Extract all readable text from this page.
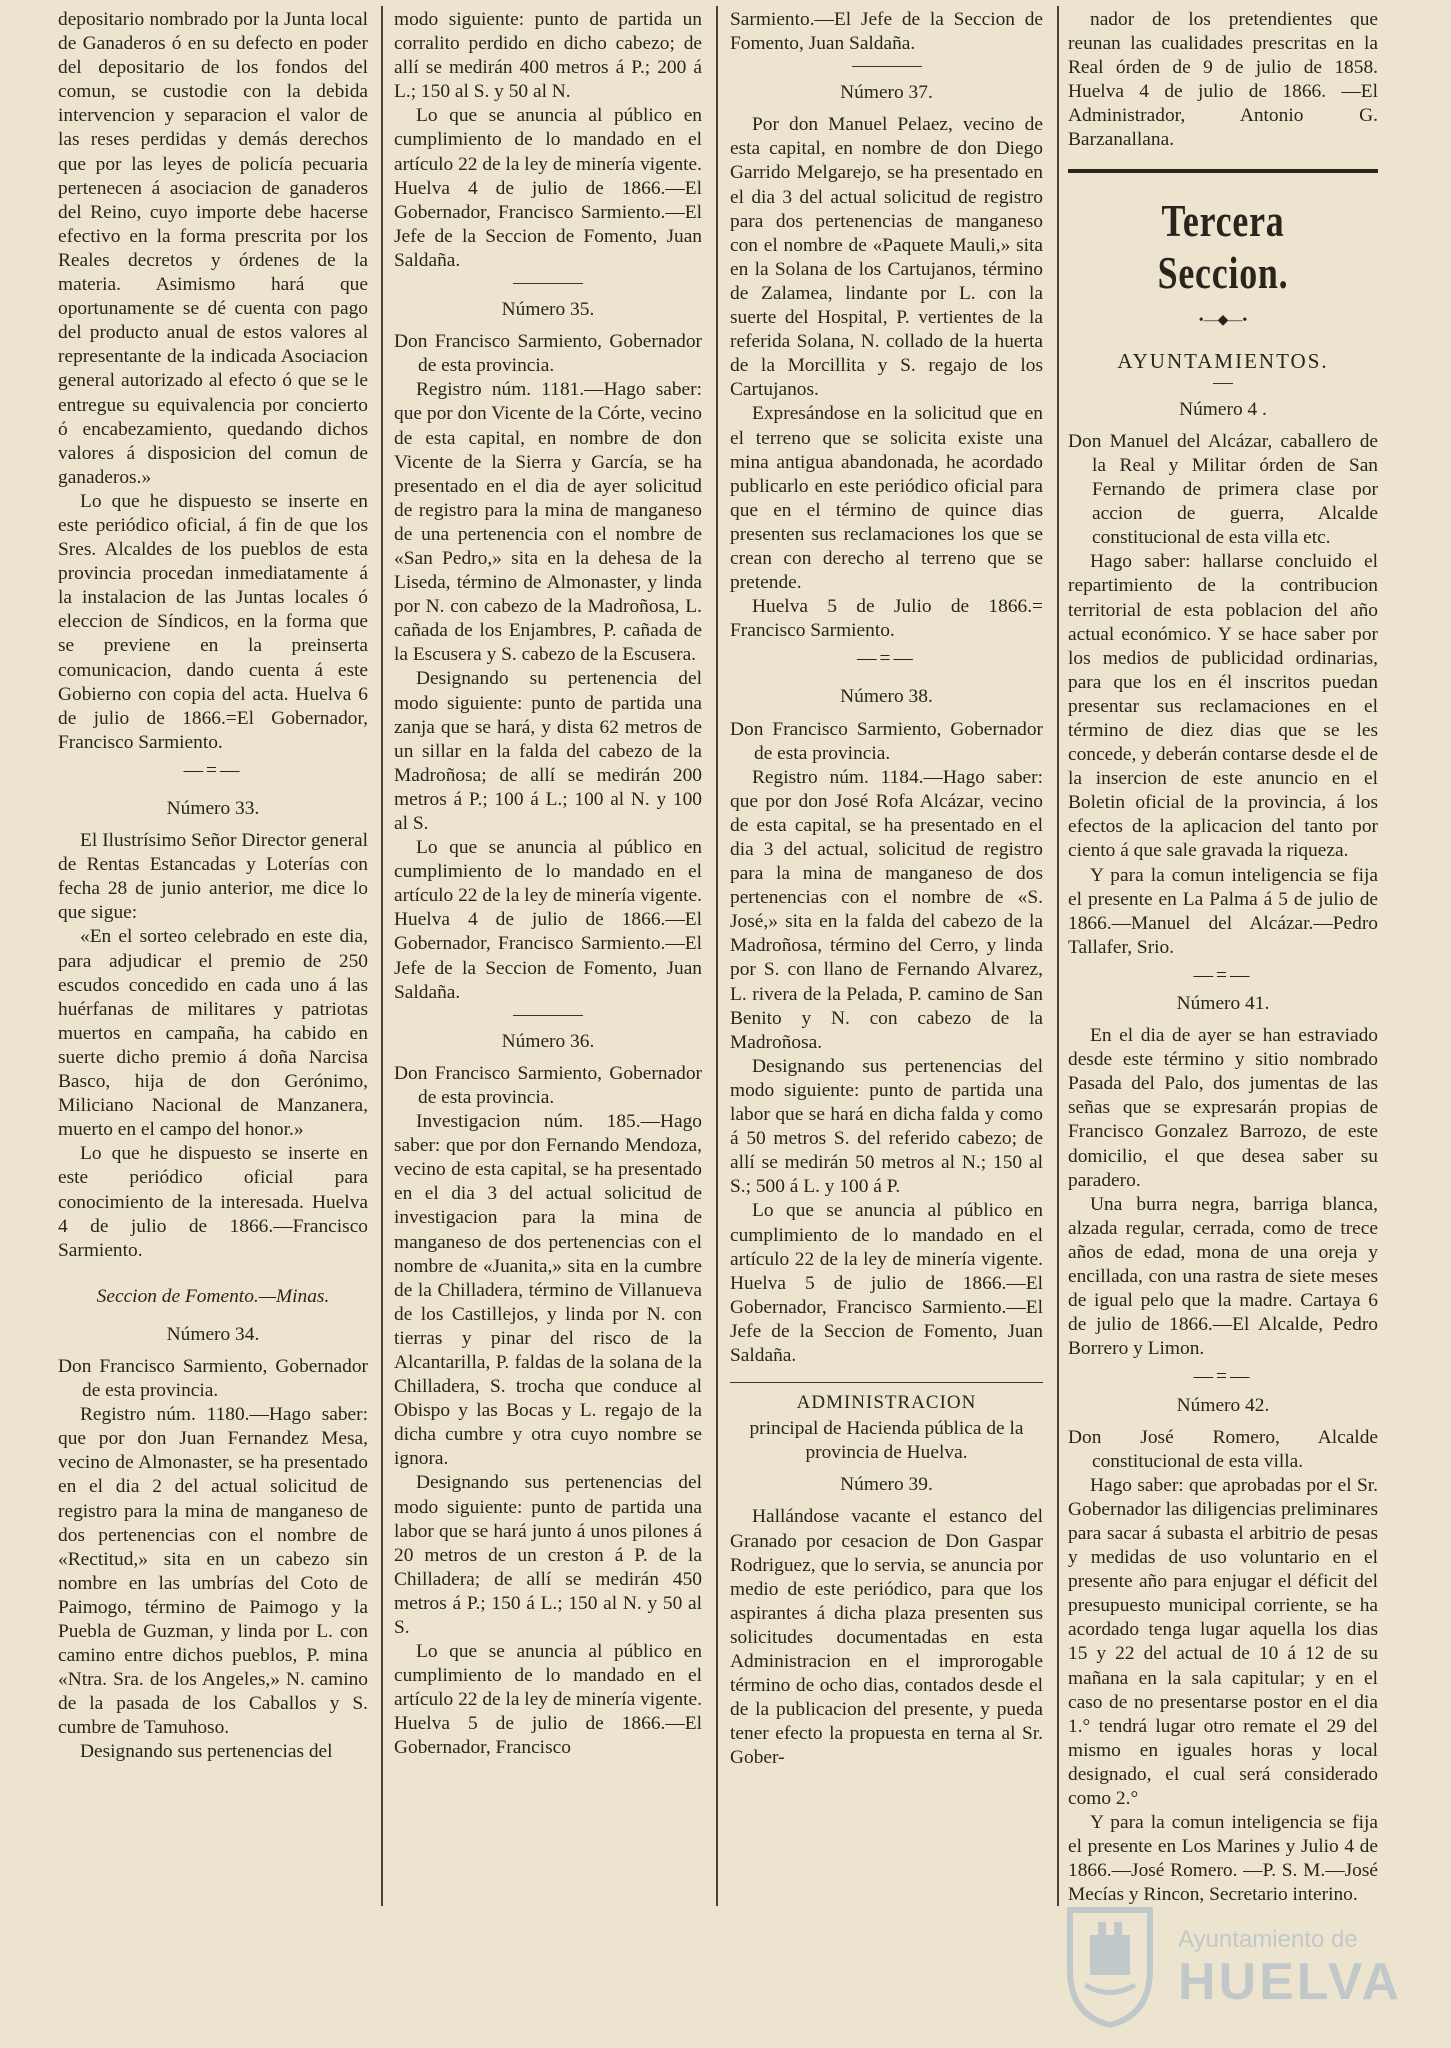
depositario nombrado por la Junta local de Ganaderos ó en su defecto en poder del depositario de los fondos del comun, se custodie con la debida intervencion y separacion el valor de las reses perdidas y demás derechos que por las leyes de policía pecuaria pertenecen á asociacion de ganaderos del Reino, cuyo importe debe hacerse efectivo en la forma prescrita por los Reales decretos y órdenes de la materia. Asimismo hará que oportunamente se dé cuenta con pago del producto anual de estos valores al representante de la indicada Asociacion general autorizado al efecto ó que se le entregue su equivalencia por concierto ó encabezamiento, quedando dichos valores á disposicion del comun de ganaderos.»

Lo que he dispuesto se inserte en este periódico oficial, á fin de que los Sres. Alcaldes de los pueblos de esta provincia procedan inmediatamente á la instalacion de las Juntas locales ó eleccion de Síndicos, en la forma que se previene en la preinserta comunicacion, dando cuenta á este Gobierno con copia del acta. Huelva 6 de julio de 1866.=El Gobernador, Francisco Sarmiento.

—=—
Número 33.

El Ilustrísimo Señor Director general de Rentas Estancadas y Loterías con fecha 28 de junio anterior, me dice lo que sigue:

«En el sorteo celebrado en este dia, para adjudicar el premio de 250 escudos concedido en cada uno á las huérfanas de militares y patriotas muertos en campaña, ha cabido en suerte dicho premio á doña Narcisa Basco, hija de don Gerónimo, Miliciano Nacional de Manzanera, muerto en el campo del honor.»

Lo que he dispuesto se inserte en este periódico oficial para conocimiento de la interesada. Huelva 4 de julio de 1866.—Francisco Sarmiento.

Seccion de Fomento.—Minas.
Número 34.

Don Francisco Sarmiento, Gobernador de esta provincia.

Registro núm. 1180.—Hago saber: que por don Juan Fernandez Mesa, vecino de Almonaster, se ha presentado en el dia 2 del actual solicitud de registro para la mina de manganeso de dos pertenencias con el nombre de «Rectitud,» sita en un cabezo sin nombre en las umbrías del Coto de Paimogo, término de Paimogo y la Puebla de Guzman, y linda por L. con camino entre dichos pueblos, P. mina «Ntra. Sra. de los Angeles,» N. camino de la pasada de los Caballos y S. cumbre de Tamuhoso.

Designando sus pertenencias del

modo siguiente: punto de partida un corralito perdido en dicho cabezo; de allí se medirán 400 metros á P.; 200 á L.; 150 al S. y 50 al N.

Lo que se anuncia al público en cumplimiento de lo mandado en el artículo 22 de la ley de minería vigente. Huelva 4 de julio de 1866.—El Gobernador, Francisco Sarmiento.—El Jefe de la Seccion de Fomento, Juan Saldaña.

Número 35.

Don Francisco Sarmiento, Gobernador de esta provincia.

Registro núm. 1181.—Hago saber: que por don Vicente de la Córte, vecino de esta capital, en nombre de don Vicente de la Sierra y García, se ha presentado en el dia de ayer solicitud de registro para la mina de manganeso de una pertenencia con el nombre de «San Pedro,» sita en la dehesa de la Liseda, término de Almonaster, y linda por N. con cabezo de la Madroñosa, L. cañada de los Enjambres, P. cañada de la Escusera y S. cabezo de la Escusera.

Designando su pertenencia del modo siguiente: punto de partida una zanja que se hará, y dista 62 metros de un sillar en la falda del cabezo de la Madroñosa; de allí se medirán 200 metros á P.; 100 á L.; 100 al N. y 100 al S.

Lo que se anuncia al público en cumplimiento de lo mandado en el artículo 22 de la ley de minería vigente. Huelva 4 de julio de 1866.—El Gobernador, Francisco Sarmiento.—El Jefe de la Seccion de Fomento, Juan Saldaña.

Número 36.

Don Francisco Sarmiento, Gobernador de esta provincia.

Investigacion núm. 185.—Hago saber: que por don Fernando Mendoza, vecino de esta capital, se ha presentado en el dia 3 del actual solicitud de investigacion para la mina de manganeso de dos pertenencias con el nombre de «Juanita,» sita en la cumbre de la Chilladera, término de Villanueva de los Castillejos, y linda por N. con tierras y pinar del risco de la Alcantarilla, P. faldas de la solana de la Chilladera, S. trocha que conduce al Obispo y las Bocas y L. regajo de la dicha cumbre y otra cuyo nombre se ignora.

Designando sus pertenencias del modo siguiente: punto de partida una labor que se hará junto á unos pilones á 20 metros de un creston á P. de la Chilladera; de allí se medirán 450 metros á P.; 150 á L.; 150 al N. y 50 al S.

Lo que se anuncia al público en cumplimiento de lo mandado en el artículo 22 de la ley de minería vigente. Huelva 5 de julio de 1866.—El Gobernador, Francisco

Sarmiento.—El Jefe de la Seccion de Fomento, Juan Saldaña.

Número 37.

Por don Manuel Pelaez, vecino de esta capital, en nombre de don Diego Garrido Melgarejo, se ha presentado en el dia 3 del actual solicitud de registro para dos pertenencias de manganeso con el nombre de «Paquete Mauli,» sita en la Solana de los Cartujanos, término de Zalamea, lindante por L. con la suerte del Hospital, P. vertientes de la referida Solana, N. collado de la huerta de la Morcillita y S. regajo de los Cartujanos.

Expresándose en la solicitud que en el terreno que se solicita existe una mina antigua abandonada, he acordado publicarlo en este periódico oficial para que en el término de quince dias presenten sus reclamaciones los que se crean con derecho al terreno que se pretende.

Huelva 5 de Julio de 1866.= Francisco Sarmiento.

—=—
Número 38.

Don Francisco Sarmiento, Gobernador de esta provincia.

Registro núm. 1184.—Hago saber: que por don José Rofa Alcázar, vecino de esta capital, se ha presentado en el dia 3 del actual, solicitud de registro para la mina de manganeso de dos pertenencias con el nombre de «S. José,» sita en la falda del cabezo de la Madroñosa, término del Cerro, y linda por S. con llano de Fernando Alvarez, L. rivera de la Pelada, P. camino de San Benito y N. con cabezo de la Madroñosa.

Designando sus pertenencias del modo siguiente: punto de partida una labor que se hará en dicha falda y como á 50 metros S. del referido cabezo; de allí se medirán 50 metros al N.; 150 al S.; 500 á L. y 100 á P.

Lo que se anuncia al público en cumplimiento de lo mandado en el artículo 22 de la ley de minería vigente. Huelva 5 de julio de 1866.—El Gobernador, Francisco Sarmiento.—El Jefe de la Seccion de Fomento, Juan Saldaña.

ADMINISTRACION
principal de Hacienda pública de la provincia de Huelva.
Número 39.

Hallándose vacante el estanco del Granado por cesacion de Don Gaspar Rodriguez, que lo servia, se anuncia por medio de este periódico, para que los aspirantes á dicha plaza presenten sus solicitudes documentadas en esta Administracion en el improrogable término de ocho dias, contados desde el de la publicacion del presente, y pueda tener efecto la propuesta en terna al Sr. Gober-

nador de los pretendientes que reunan las cualidades prescritas en la Real órden de 9 de julio de 1858. Huelva 4 de julio de 1866. —El Administrador, Antonio G. Barzanallana.

Tercera Seccion.
•—◆—•
AYUNTAMIENTOS.
Número 4 .

Don Manuel del Alcázar, caballero de la Real y Militar órden de San Fernando de primera clase por accion de guerra, Alcalde constitucional de esta villa etc.

Hago saber: hallarse concluido el repartimiento de la contribucion territorial de esta poblacion del año actual económico. Y se hace saber por los medios de publicidad ordinarias, para que los en él inscritos puedan presentar sus reclamaciones en el término de diez dias que se les concede, y deberán contarse desde el de la insercion de este anuncio en el Boletin oficial de la provincia, á los efectos de la aplicacion del tanto por ciento á que sale gravada la riqueza.

Y para la comun inteligencia se fija el presente en La Palma á 5 de julio de 1866.—Manuel del Alcázar.—Pedro Tallafer, Srio.

—=—
Número 41.

En el dia de ayer se han estraviado desde este término y sitio nombrado Pasada del Palo, dos jumentas de las señas que se expresarán propias de Francisco Gonzalez Barrozo, de este domicilio, el que desea saber su paradero.

Una burra negra, barriga blanca, alzada regular, cerrada, como de trece años de edad, mona de una oreja y encillada, con una rastra de siete meses de igual pelo que la madre. Cartaya 6 de julio de 1866.—El Alcalde, Pedro Borrero y Limon.

—=—
Número 42.

Don José Romero, Alcalde constitucional de esta villa.

Hago saber: que aprobadas por el Sr. Gobernador las diligencias preliminares para sacar á subasta el arbitrio de pesas y medidas de uso voluntario en el presente año para enjugar el déficit del presupuesto municipal corriente, se ha acordado tenga lugar aquella los dias 15 y 22 del actual de 10 á 12 de su mañana en la sala capitular; y en el caso de no presentarse postor en el dia 1.° tendrá lugar otro remate el 29 del mismo en iguales horas y local designado, el cual será considerado como 2.°

Y para la comun inteligencia se fija el presente en Los Marines y Julio 4 de 1866.—José Romero. —P. S. M.—José Mecías y Rincon, Secretario interino.

Ayuntamiento de
HUELVA
